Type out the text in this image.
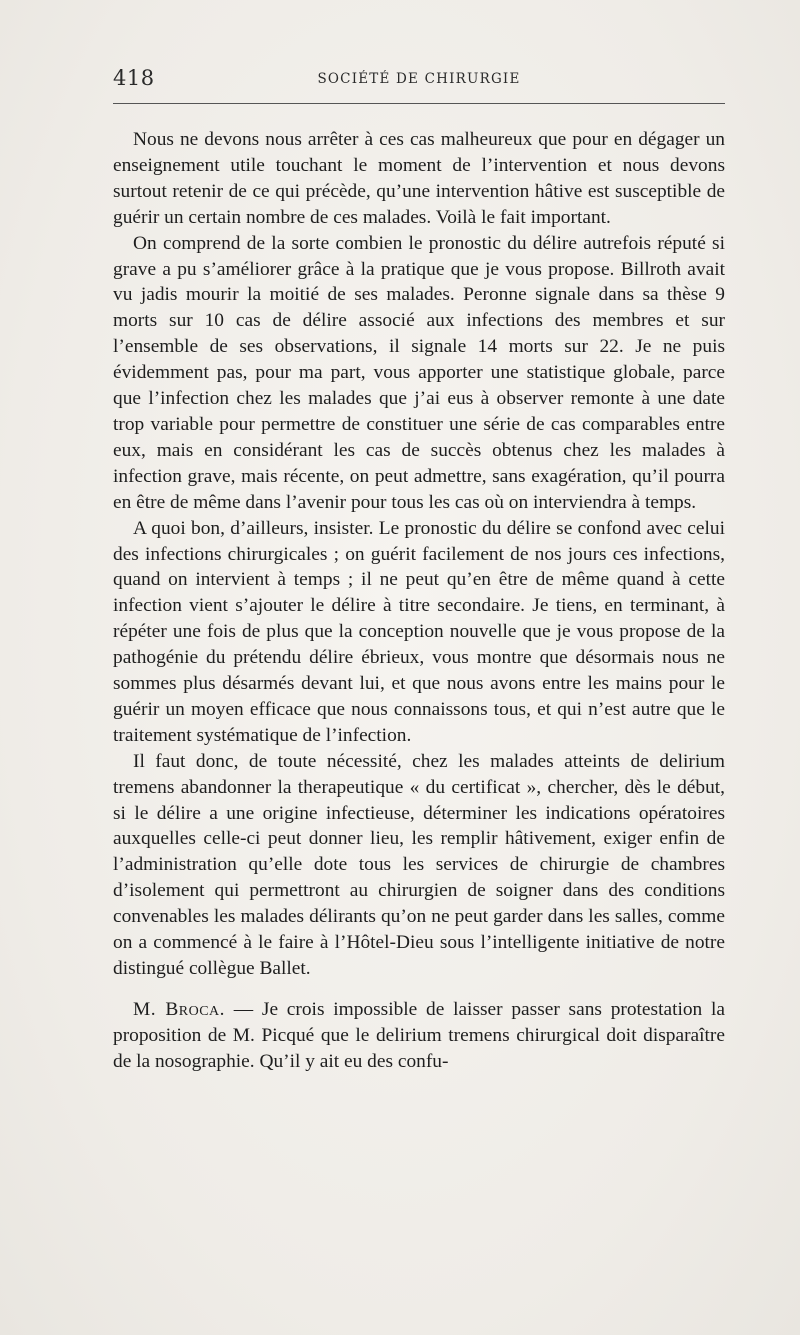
418	SOCIÉTÉ DE CHIRURGIE

Nous ne devons nous arrêter à ces cas malheureux que pour en dégager un enseignement utile touchant le moment de l’intervention et nous devons surtout retenir de ce qui précède, qu’une intervention hâtive est susceptible de guérir un certain nombre de ces malades. Voilà le fait important.

On comprend de la sorte combien le pronostic du délire autrefois réputé si grave a pu s’améliorer grâce à la pratique que je vous propose. Billroth avait vu jadis mourir la moitié de ses malades. Peronne signale dans sa thèse 9 morts sur 10 cas de délire associé aux infections des membres et sur l’ensemble de ses observations, il signale 14 morts sur 22. Je ne puis évidemment pas, pour ma part, vous apporter une statistique globale, parce que l’infection chez les malades que j’ai eus à observer remonte à une date trop variable pour permettre de constituer une série de cas comparables entre eux, mais en considérant les cas de succès obtenus chez les malades à infection grave, mais récente, on peut admettre, sans exagération, qu’il pourra en être de même dans l’avenir pour tous les cas où on interviendra à temps.

A quoi bon, d’ailleurs, insister. Le pronostic du délire se confond avec celui des infections chirurgicales ; on guérit facilement de nos jours ces infections, quand on intervient à temps ; il ne peut qu’en être de même quand à cette infection vient s’ajouter le délire à titre secondaire. Je tiens, en terminant, à répéter une fois de plus que la conception nouvelle que je vous propose de la pathogénie du prétendu délire ébrieux, vous montre que désormais nous ne sommes plus désarmés devant lui, et que nous avons entre les mains pour le guérir un moyen efficace que nous connaissons tous, et qui n’est autre que le traitement systématique de l’infection.

Il faut donc, de toute nécessité, chez les malades atteints de delirium tremens abandonner la therapeutique « du certificat », chercher, dès le début, si le délire a une origine infectieuse, déterminer les indications opératoires auxquelles celle-ci peut donner lieu, les remplir hâtivement, exiger enfin de l’administration qu’elle dote tous les services de chirurgie de chambres d’isolement qui permettront au chirurgien de soigner dans des conditions convenables les malades délirants qu’on ne peut garder dans les salles, comme on a commencé à le faire à l’Hôtel-Dieu sous l’intelligente initiative de notre distingué collègue Ballet.

M. Broca. — Je crois impossible de laisser passer sans protestation la proposition de M. Picqué que le delirium tremens chirurgical doit disparaître de la nosographie. Qu’il y ait eu des confu-
